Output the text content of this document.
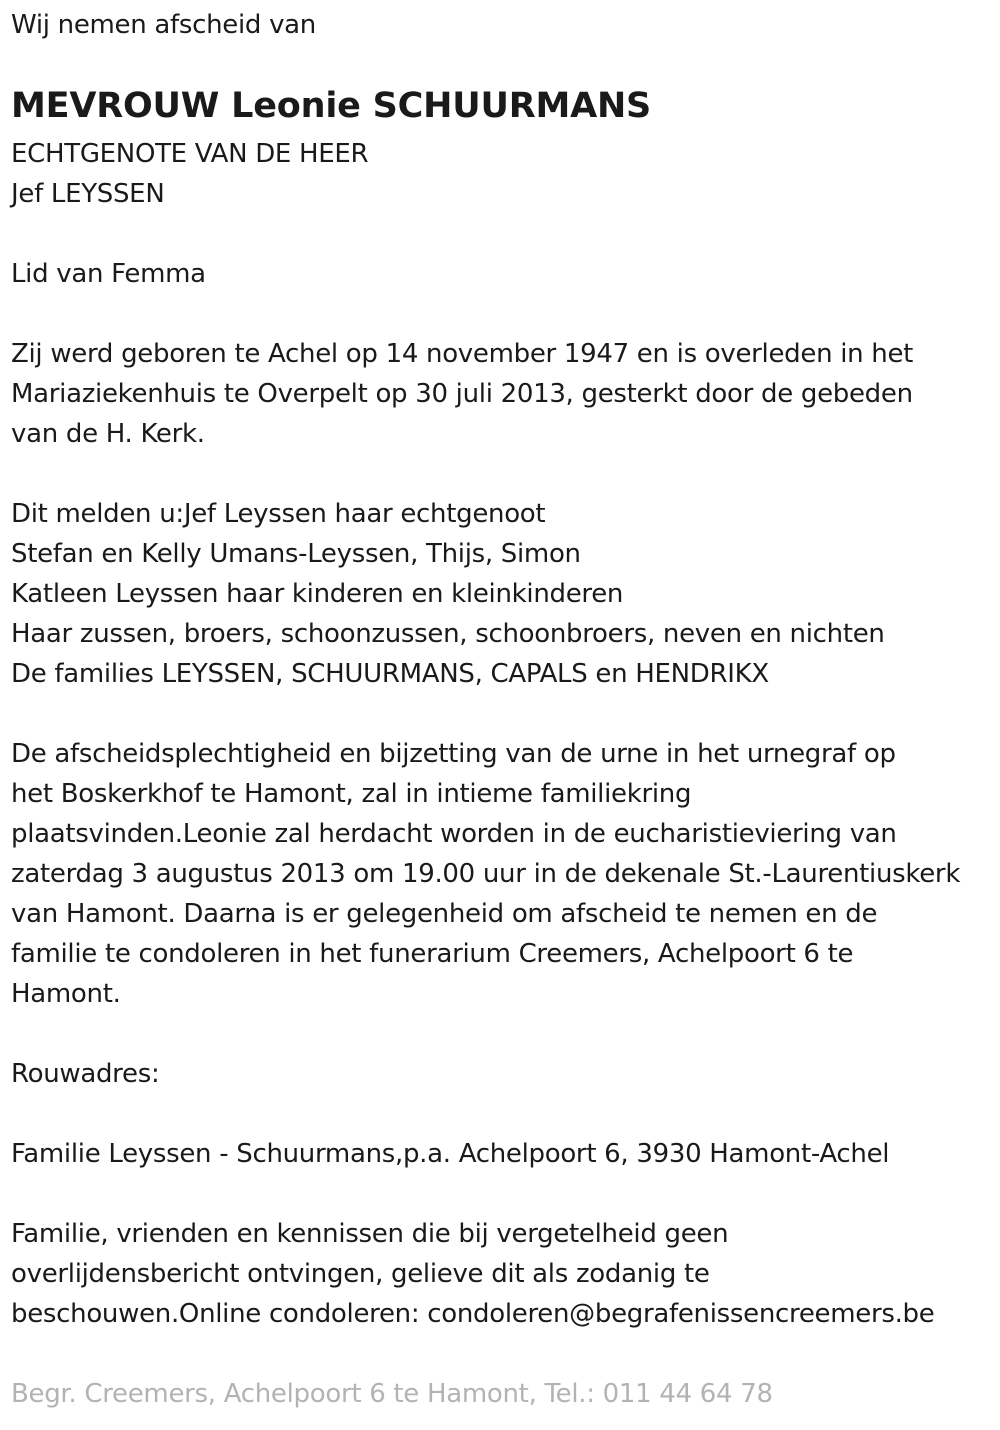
Wij nemen afscheid van
MEVROUW Leonie SCHUURMANS
ECHTGENOTE VAN DE HEER
Jef LEYSSEN
Lid van Femma
Zij werd geboren te Achel op 14 november 1947 en is overleden in het
Mariaziekenhuis te Overpelt op 30 juli 2013, gesterkt door de gebeden
van de H. Kerk.
Dit melden u:Jef Leyssen haar echtgenoot
Stefan en Kelly Umans-Leyssen, Thijs, Simon
Katleen Leyssen haar kinderen en kleinkinderen
Haar zussen, broers, schoonzussen, schoonbroers, neven en nichten
De families LEYSSEN, SCHUURMANS, CAPALS en HENDRIKX
De afscheidsplechtigheid en bijzetting van de urne in het urnegraf op
het Boskerkhof te Hamont, zal in intieme familiekring
plaatsvinden.Leonie zal herdacht worden in de eucharistieviering van
zaterdag 3 augustus 2013 om 19.00 uur in de dekenale St.-Laurentiuskerk
van Hamont. Daarna is er gelegenheid om afscheid te nemen en de
familie te condoleren in het funerarium Creemers, Achelpoort 6 te
Hamont.
Rouwadres:
Familie Leyssen - Schuurmans,p.a. Achelpoort 6, 3930 Hamont-Achel
Familie, vrienden en kennissen die bij vergetelheid geen
overlijdensbericht ontvingen, gelieve dit als zodanig te
beschouwen.Online condoleren: condoleren@begrafenissencreemers.be
Begr. Creemers, Achelpoort 6 te Hamont, Tel.: 011 44 64 78
